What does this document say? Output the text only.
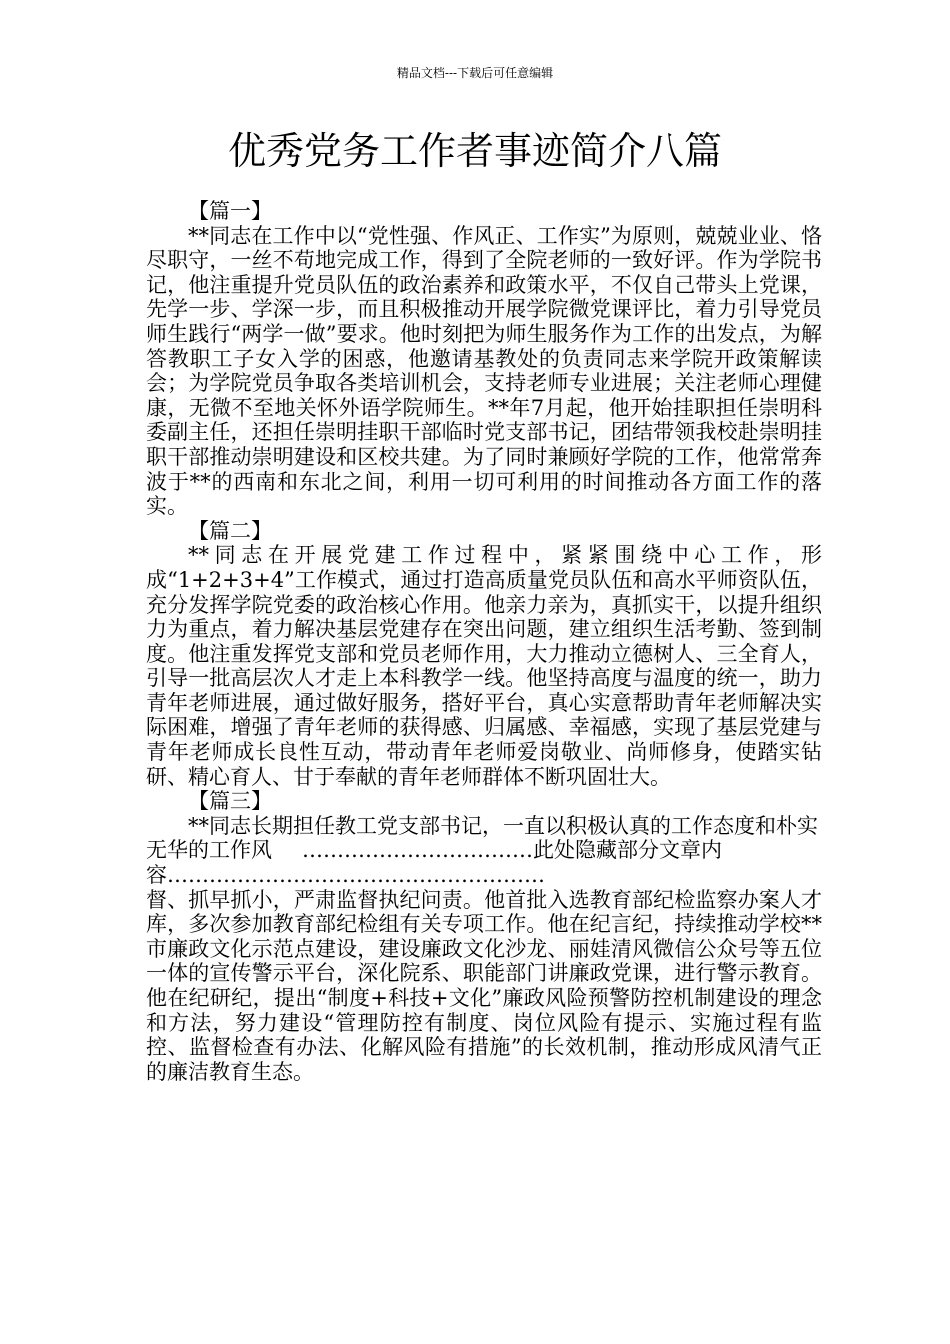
精品文档---下载后可任意编辑
优秀党务工作者事迹简介八篇

【篇一】

**同志在工作中以“党性强、作风正、工作实”为原则，兢兢业业、恪尽职守，一丝不苟地完成工作，得到了全院老师的一致好评。作为学院书记，他注重提升党员队伍的政治素养和政策水平，不仅自己带头上党课，先学一步、学深一步，而且积极推动开展学院微党课评比，着力引导党员师生践行“两学一做”要求。他时刻把为师生服务作为工作的出发点，为解答教职工子女入学的困惑，他邀请基教处的负责同志来学院开政策解读会；为学院党员争取各类培训机会，支持老师专业进展；关注老师心理健康，无微不至地关怀外语学院师生。**年7月起，他开始挂职担任崇明科委副主任，还担任崇明挂职干部临时党支部书记，团结带领我校赴崇明挂职干部推动崇明建设和区校共建。为了同时兼顾好学院的工作，他常常奔波于**的西南和东北之间，利用一切可利用的时间推动各方面工作的落实。

【篇二】

**同志在开展党建工作过程中，紧紧围绕中心工作，形成“1+2+3+4”工作模式，通过打造高质量党员队伍和高水平师资队伍，充分发挥学院党委的政治核心作用。他亲力亲为，真抓实干，以提升组织力为重点，着力解决基层党建存在突出问题，建立组织生活考勤、签到制度。他注重发挥党支部和党员老师作用，大力推动立德树人、三全育人，引导一批高层次人才走上本科教学一线。他坚持高度与温度的统一，助力青年老师进展，通过做好服务，搭好平台，真心实意帮助青年老师解决实际困难，增强了青年老师的获得感、归属感、幸福感，实现了基层党建与青年老师成长良性互动，带动青年老师爱岗敬业、尚师修身，使踏实钻研、精心育人、甘于奉献的青年老师群体不断巩固壮大。

【篇三】

**同志长期担任教工党支部书记，一直以积极认真的工作态度和朴实无华的工作风 ……………………………此处隐藏部分文章内容………………………………………………

督、抓早抓小，严肃监督执纪问责。他首批入选教育部纪检监察办案人才库，多次参加教育部纪检组有关专项工作。他在纪言纪，持续推动学校**市廉政文化示范点建设，建设廉政文化沙龙、丽娃清风微信公众号等五位一体的宣传警示平台，深化院系、职能部门讲廉政党课，进行警示教育。他在纪研纪，提出“制度+科技+文化”廉政风险预警防控机制建设的理念和方法，努力建设“管理防控有制度、岗位风险有提示、实施过程有监控、监督检查有办法、化解风险有措施”的长效机制，推动形成风清气正的廉洁教育生态。
